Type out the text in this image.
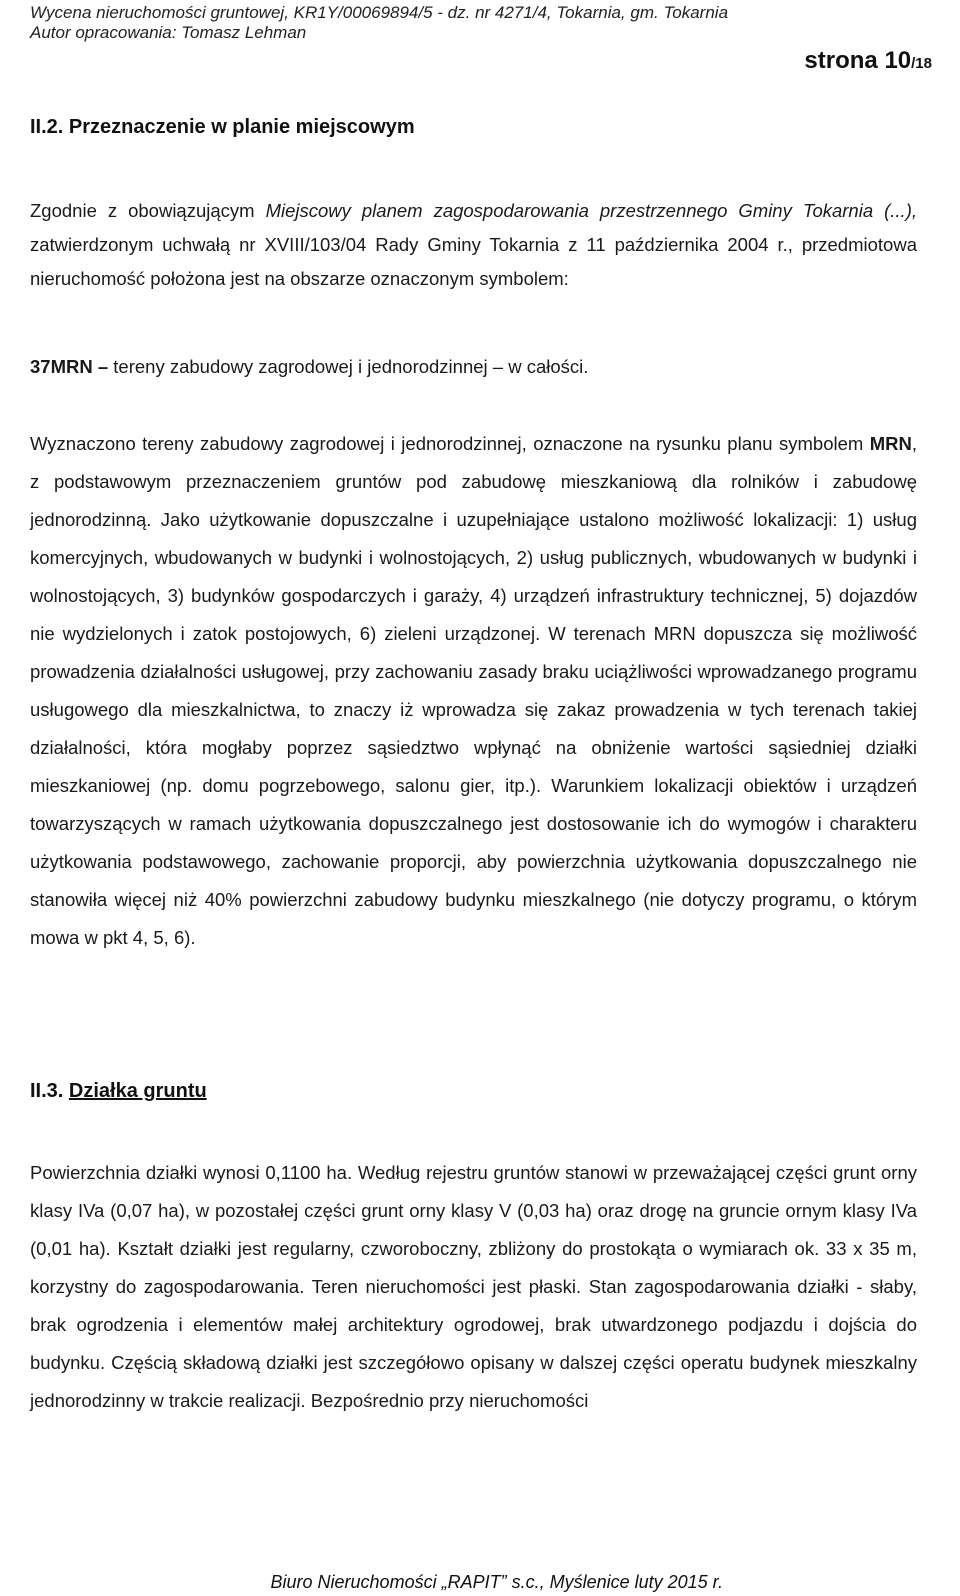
Wycena nieruchomości gruntowej, KR1Y/00069894/5 - dz. nr 4271/4, Tokarnia, gm. Tokarnia
Autor opracowania: Tomasz Lehman
strona 10/18
II.2. Przeznaczenie w planie miejscowym

Zgodnie z obowiązującym Miejscowy planem zagospodarowania przestrzennego Gminy Tokarnia (...), zatwierdzonym uchwałą nr XVIII/103/04 Rady Gminy Tokarnia z 11 października 2004 r., przedmiotowa nieruchomość położona jest na obszarze oznaczonym symbolem:

37MRN – tereny zabudowy zagrodowej i jednorodzinnej – w całości.

Wyznaczono tereny zabudowy zagrodowej i jednorodzinnej, oznaczone na rysunku planu symbolem MRN, z podstawowym przeznaczeniem gruntów pod zabudowę mieszkaniową dla rolników i zabudowę jednorodzinną. Jako użytkowanie dopuszczalne i uzupełniające ustalono możliwość lokalizacji: 1) usług komercyjnych, wbudowanych w budynki i wolnostojących, 2) usług publicznych, wbudowanych w budynki i wolnostojących, 3) budynków gospodarczych i garaży, 4) urządzeń infrastruktury technicznej, 5) dojazdów nie wydzielonych i zatok postojowych, 6) zieleni urządzonej. W terenach MRN dopuszcza się możliwość prowadzenia działalności usługowej, przy zachowaniu zasady braku uciążliwości wprowadzanego programu usługowego dla mieszkalnictwa, to znaczy iż wprowadza się zakaz prowadzenia w tych terenach takiej działalności, która mogłaby poprzez sąsiedztwo wpłynąć na obniżenie wartości sąsiedniej działki mieszkaniowej (np. domu pogrzebowego, salonu gier, itp.). Warunkiem lokalizacji obiektów i urządzeń towarzyszących w ramach użytkowania dopuszczalnego jest dostosowanie ich do wymogów i charakteru użytkowania podstawowego, zachowanie proporcji, aby powierzchnia użytkowania dopuszczalnego nie stanowiła więcej niż 40% powierzchni zabudowy budynku mieszkalnego (nie dotyczy programu, o którym mowa w pkt 4, 5, 6).

II.3. Działka gruntu

Powierzchnia działki wynosi 0,1100 ha. Według rejestru gruntów stanowi w przeważającej części grunt orny klasy IVa (0,07 ha), w pozostałej części grunt orny klasy V (0,03 ha) oraz drogę na gruncie ornym klasy IVa (0,01 ha). Kształt działki jest regularny, czworoboczny, zbliżony do prostokąta o wymiarach ok. 33 x 35 m, korzystny do zagospodarowania. Teren nieruchomości jest płaski. Stan zagospodarowania działki - słaby, brak ogrodzenia i elementów małej architektury ogrodowej, brak utwardzonego podjazdu i dojścia do budynku. Częścią składową działki jest szczegółowo opisany w dalszej części operatu budynek mieszkalny jednorodzinny w trakcie realizacji. Bezpośrednio przy nieruchomości

Biuro Nieruchomości „RAPIT” s.c., Myślenice luty 2015 r.
